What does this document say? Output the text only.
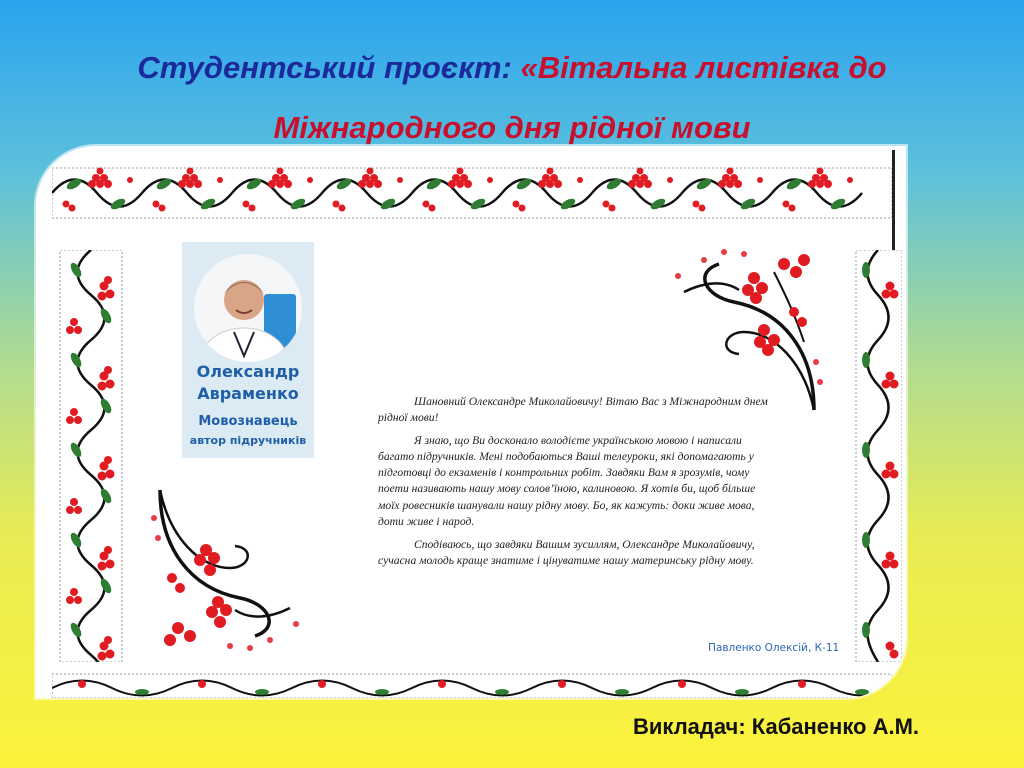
Студентський проєкт: «Вітальна листівка до
Міжнародного дня рідної мови
Олександр
Авраменко
Мовознавець
автор підручників

Шановний Олександре Миколайовичу! Вітаю Вас з Міжнародним днем рідної мови!

Я знаю, що Ви досконало володієте українською мовою і написали багато підручників. Мені подобаються Ваші телеуроки, які допомагають у підготовці до екзаменів і контрольних робіт. Завдяки Вам я зрозумів, чому поети називають нашу мову солов’їною, калиновою. Я хотів би, щоб більше моїх ровесників шанували нашу рідну мову. Бо, як кажуть: доки живе мова, доти живе і народ.

Сподіваюсь, що завдяки Вашим зусиллям, Олександре Миколайовичу, сучасна молодь краще знатиме і цінуватиме нашу материнську рідну мову.

Павленко Олексій, К-11
Викладач: Кабаненко А.М.
